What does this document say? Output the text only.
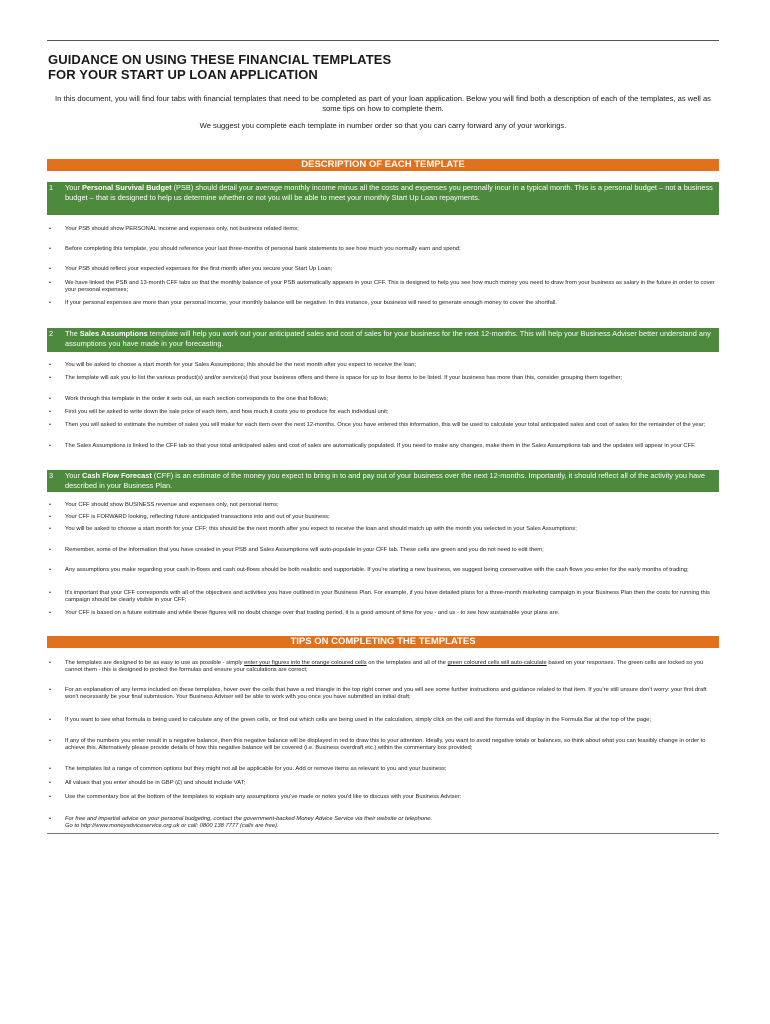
GUIDANCE ON USING THESE FINANCIAL TEMPLATES
FOR YOUR START UP LOAN APPLICATION

In this document, you will find four tabs with financial templates that need to be completed as part of your loan application. Below you will find both a description of each of the templates, as well as some tips on how to complete them.

We suggest you complete each template in number order so that you can carry forward any of your workings.

DESCRIPTION OF EACH TEMPLATE
1 Your Personal Survival Budget (PSB) should detail your average monthly income minus all the costs and expenses you peronally incur in a typical month. This is a personal budget – not a business budget – that is designed to help us determine whether or not you will be able to meet your monthly Start Up Loan repayments.
• Your PSB should show PERSONAL income and expenses only, not business related items;
• Before completing this template, you should reference your last three-months of personal bank statements to see how much you normally earn and spend;
• Your PSB should reflect your expected expenses for the first month after you secure your Start Up Loan;
• We have linked the PSB and 13-month CFF tabs so that the monthly balance of your PSB automatically appears in your CFF. This is designed to help you see how much money you need to draw from your business as salary in the future in order to cover your personal expenses;
• If your personal expenses are more than your personal income, your monthly balance will be negative. In this instance, your business will need to generate enough money to cover the shortfall.
2 The Sales Assumptions template will help you work out your anticipated sales and cost of sales for your business for the next 12-months. This will help your Business Adviser better understand any assumptions you have made in your forecasting.
• You will be asked to choose a start month for your Sales Assumptions; this should be the next month after you expect to receive the loan;
• The template will ask you to list the various product(s) and/or service(s) that your business offers and there is space for up to four items to be listed. If your business has more than this, consider grouping them together;
• Work through this template in the order it sets out, as each section corresponds to the one that follows;
• First you will be asked to write down the sale price of each item, and how much it costs you to produce for each individual unit;
• Then you will asked to estimate the number of sales you will make for each item over the next 12-months. Once you have entered this information, this will be used to calculate your total anticipated sales and cost of sales for the remainder of the year;
• The Sales Assumptions is linked to the CFF tab so that your total anticipated sales and cost of sales are automatically populated. If you need to make any changes, make them in the Sales Assumptions tab and the updates will appear in your CFF.
3 Your Cash Flow Forecast (CFF) is an estimate of the money you expect to bring in to and pay out of your business over the next 12-months. Importantly, it should reflect all of the activity you have described in your Business Plan.
• Your CFF should show BUSINESS revenue and expenses only, not personal items;
• Your CFF is FORWARD looking, reflecting future anticipated transactions into and out of your business;
• You will be asked to choose a start month for your CFF; this should be the next month after you expect to receive the loan and should match up with the month you selected in your Sales Assumptions;
• Remember, some of the information that you have created in your PSB and Sales Assumptions will auto-populate in your CFF tab. These cells are green and you do not need to edit them;
• Any assumptions you make regarding your cash in-flows and cash out-flows should be both realistic and supportable. If you're starting a new business, we suggest being conservative with the cash flows you enter for the early months of trading;
• It's important that your CFF corresponds with all of the objectives and activities you have outlined in your Business Plan. For example, if you have detailed plans for a three-month marketing campaign in your Business Plan then the costs for running this campaign should be clearly visible in your CFF;
• Your CFF is based on a future estimate and while these figures will no doubt change over that trading period, it is a good amount of time for you - and us - to see how sustainable your plans are.
TIPS ON COMPLETING THE TEMPLATES
• The templates are designed to be as easy to use as possible - simply enter your figures into the orange coloured cells on the templates and all of the green coloured cells will auto-calculate based on your responses. The green cells are locked so you cannot them - this is designed to protect the formulas and ensure your calculations are correct;
• For an explanation of any terms included on these templates, hover over the cells that have a red triangle in the top right corner and you will see some further instructions and guidance related to that item. If you're still unsure don't worry: your first draft won't necessarily be your final submission. Your Business Adviser will be able to work with you once you have submitted an initial draft;
• If you want to see what formula is being used to calculate any of the green cells, or find out which cells are being used in the calculation, simply click on the cell and the formula will display in the Formula Bar at the top of the page;
• If any of the numbers you enter result in a negative balance, then this negative balance will be displayed in red to draw this to your attention. Ideally, you want to avoid negative totals or balances, so think about what you can feasibly change in order to achieve this. Alternatively please provide details of how this negative balance will be covered (i.e. Business overdraft etc.) within the commentary box provided;
• The templates list a range of common options but they might not all be applicable for you. Add or remove items as relevant to you and your business;
• All values that you enter should be in GBP (£) and should include VAT;
• Use the commentary box at the bottom of the templates to explain any assumptions you've made or notes you'd like to discuss with your Business Adviser;
• For free and impartial advice on your personal budgeting, contact the government-backed Money Advice Service via their website or telephone.
Go to http://www.moneyadviceservice.org.uk or call: 0800 138 7777 (calls are free).
